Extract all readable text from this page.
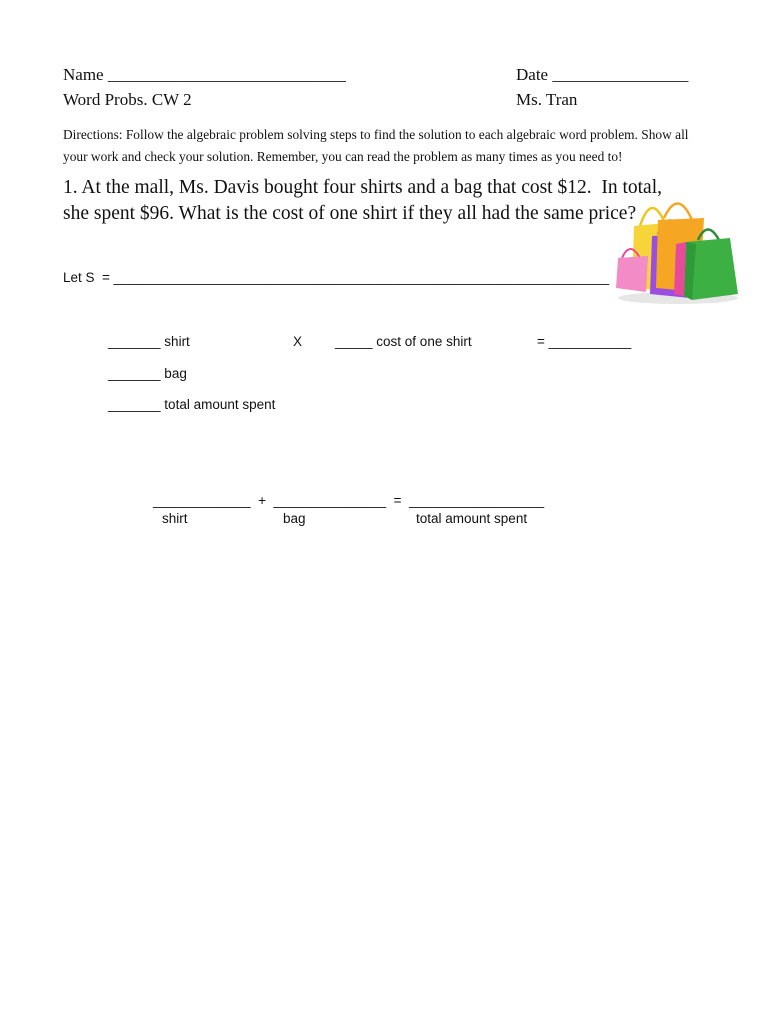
Name ____________________________	Date ________________
Word Probs. CW 2	Ms. Tran
Directions: Follow the algebraic problem solving steps to find the solution to each algebraic word problem. Show all your work and check your solution. Remember, you can read the problem as many times as you need to!
1. At the mall, Ms. Davis bought four shirts and a bag that cost $12.  In total,
she spent $96. What is the cost of one shirt if they all had the same price?
Let S  = __________________________________________________________________
_______ shirt	X _____ cost of one shirt	= ___________
_______ bag
_______ total amount spent
_____________  +  _______________  =  __________________
shirt	bag	total amount spent
